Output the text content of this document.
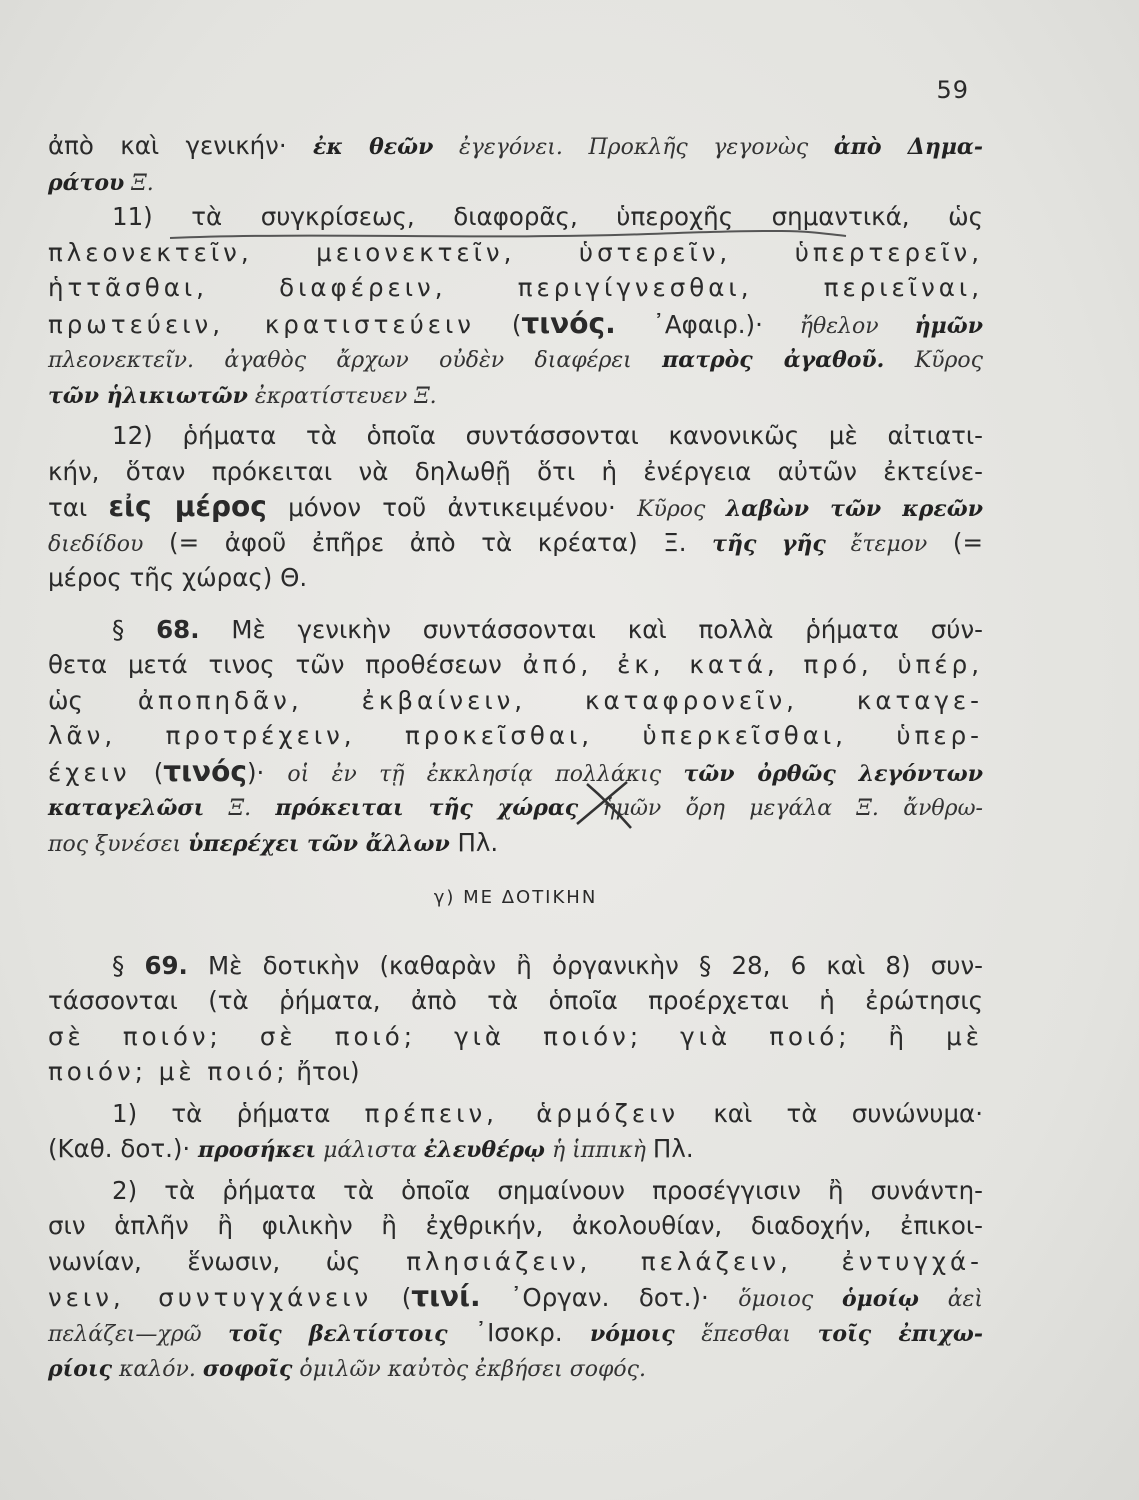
59
ἀπὸ καὶ γενικήν· ἐκ θεῶν ἐγεγόνει. Προκλῆς γεγονὼς ἀπὸ Δημα-
ράτου Ξ.
11) τὰ συγκρίσεως, διαφορᾶς, ὑπεροχῆς σημαντικά, ὡς
πλεονεκτεῖν, μειονεκτεῖν, ὑστερεῖν, ὑπερτερεῖν,
ἡττᾶσθαι, διαφέρειν, περιγίγνεσθαι, περιεῖναι,
πρωτεύειν, κρατιστεύειν (τινός. ᾿Αφαιρ.)· ἤθελον ἡμῶν
πλεονεκτεῖν. ἀγαθὸς ἄρχων οὐδὲν διαφέρει πατρὸς ἀγαθοῦ. Κῦρος
τῶν ἡλικιωτῶν ἐκρατίστευεν Ξ.
12) ῥήματα τὰ ὁποῖα συντάσσονται κανονικῶς μὲ αἰτιατι-
κήν, ὅταν πρόκειται νὰ δηλωθῇ ὅτι ἡ ἐνέργεια αὐτῶν ἐκτείνε-
ται εἰς μέρος μόνον τοῦ ἀντικειμένου· Κῦρος λαβὼν τῶν κρεῶν
διεδίδου (= ἀφοῦ ἐπῆρε ἀπὸ τὰ κρέατα) Ξ. τῆς γῆς ἔτεμον (=
μέρος τῆς χώρας) Θ.
§ 68. Μὲ γενικὴν συντάσσονται καὶ πολλὰ ῥήματα σύν-
θετα μετά τινος τῶν προθέσεων ἀπό, ἐκ, κατά, πρό, ὑπέρ,
ὡς ἀποπηδᾶν, ἐκβαίνειν, καταφρονεῖν, καταγε-
λᾶν, προτρέχειν, προκεῖσθαι, ὑπερκεῖσθαι, ὑπερ-
έχειν (τινός)· οἱ ἐν τῇ ἐκκλησίᾳ πολλάκις τῶν ὀρθῶς λεγόντων
καταγελῶσι Ξ. πρόκειται τῆς χώρας ἡμῶν ὄρη μεγάλα Ξ. ἄνθρω-
πος ξυνέσει ὑπερέχει τῶν ἄλλων Πλ.
γ) ΜΕ ΔΟΤΙΚΗΝ
§ 69. Μὲ δοτικὴν (καθαρὰν ἢ ὀργανικὴν § 28, 6 καὶ 8) συν-
τάσσονται (τὰ ῥήματα, ἀπὸ τὰ ὁποῖα προέρχεται ἡ ἐρώτησις
σὲ ποιόν; σὲ ποιό; γιὰ ποιόν; γιὰ ποιό; ἢ μὲ
ποιόν; μὲ ποιό; ἤτοι)
1) τὰ ῥήματα πρέπειν, ἁρμόζειν καὶ τὰ συνώνυμα·
(Καθ. δοτ.)· προσήκει μάλιστα ἐλευθέρῳ ἡ ἱππικὴ Πλ.
2) τὰ ῥήματα τὰ ὁποῖα σημαίνουν προσέγγισιν ἢ συνάντη-
σιν ἁπλῆν ἢ φιλικὴν ἢ ἐχθρικήν, ἀκολουθίαν, διαδοχήν, ἐπικοι-
νωνίαν, ἕνωσιν, ὡς πλησιάζειν, πελάζειν, ἐντυγχά-
νειν, συντυγχάνειν (τινί. ᾿Οργαν. δοτ.)· ὅμοιος ὁμοίῳ ἀεὶ
πελάζει—χρῶ τοῖς βελτίστοις ᾿Ισοκρ. νόμοις ἕπεσθαι τοῖς ἐπιχω-
ρίοις καλόν. σοφοῖς ὁμιλῶν καὐτὸς ἐκβήσει σοφός.
